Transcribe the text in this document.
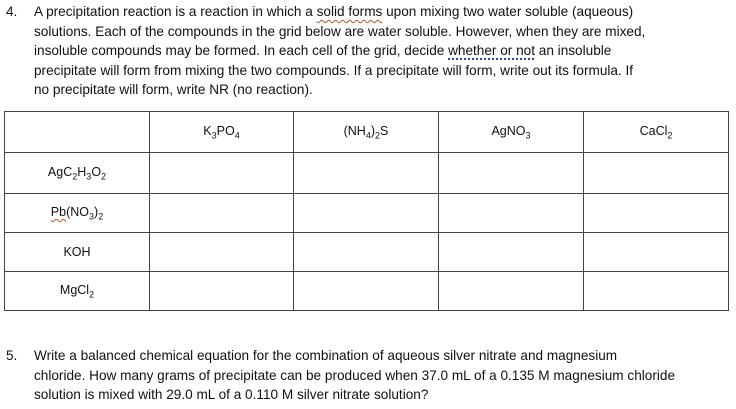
4. A precipitation reaction is a reaction in which a solid forms upon mixing two water soluble (aqueous)
solutions. Each of the compounds in the grid below are water soluble. However, when they are mixed,
insoluble compounds may be formed. In each cell of the grid, decide whether or not an insoluble
precipitate will form from mixing the two compounds. If a precipitate will form, write out its formula. If
no precipitate will form, write NR (no reaction).
	$K_3PO_4$	$(NH_4)_2S$	AgNO$_3$	CaCl$_2$
$AgC_2H_3O_2$				
$Pb(NO_3)_2$				
KOH				
MgCl$_2$				
5. Write a balanced chemical equation for the combination of aqueous silver nitrate and magnesium
chloride. How many grams of precipitate can be produced when 37.0 mL of a 0.135 M magnesium chloride
solution is mixed with 29.0 mL of a 0.110 M silver nitrate solution?
